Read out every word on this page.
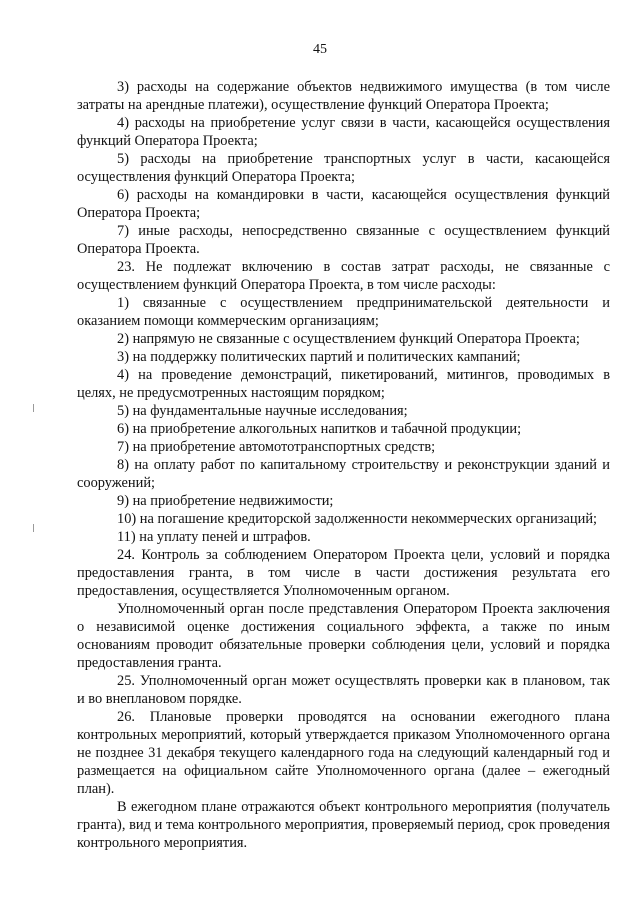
45

3) расходы на содержание объектов недвижимого имущества (в том числе затраты на арендные платежи), осуществление функций Оператора Проекта;

4) расходы на приобретение услуг связи в части, касающейся осуществления функций Оператора Проекта;

5) расходы на приобретение транспортных услуг в части, касающейся осуществления функций Оператора Проекта;

6) расходы на командировки в части, касающейся осуществления функций Оператора Проекта;

7) иные расходы, непосредственно связанные с осуществлением функций Оператора Проекта.

23. Не подлежат включению в состав затрат расходы, не связанные с осуществлением функций Оператора Проекта, в том числе расходы:

1) связанные с осуществлением предпринимательской деятельности и оказанием помощи коммерческим организациям;

2) напрямую не связанные с осуществлением функций Оператора Проекта;

3) на поддержку политических партий и политических кампаний;

4) на проведение демонстраций, пикетирований, митингов, проводимых в целях, не предусмотренных настоящим порядком;

5) на фундаментальные научные исследования;

6) на приобретение алкогольных напитков и табачной продукции;

7) на приобретение автомототранспортных средств;

8) на оплату работ по капитальному строительству и реконструкции зданий и сооружений;

9) на приобретение недвижимости;

10) на погашение кредиторской задолженности некоммерческих организаций;

11) на уплату пеней и штрафов.

24. Контроль за соблюдением Оператором Проекта цели, условий и порядка предоставления гранта, в том числе в части достижения результата его предоставления, осуществляется Уполномоченным органом.

Уполномоченный орган после представления Оператором Проекта заключения о независимой оценке достижения социального эффекта, а также по иным основаниям проводит обязательные проверки соблюдения цели, условий и порядка предоставления гранта.

25. Уполномоченный орган может осуществлять проверки как в плановом, так и во внеплановом порядке.

26. Плановые проверки проводятся на основании ежегодного плана контрольных мероприятий, который утверждается приказом Уполномоченного органа не позднее 31 декабря текущего календарного года на следующий календарный год и размещается на официальном сайте Уполномоченного органа (далее – ежегодный план).

В ежегодном плане отражаются объект контрольного мероприятия (получатель гранта), вид и тема контрольного мероприятия, проверяемый период, срок проведения контрольного мероприятия.
